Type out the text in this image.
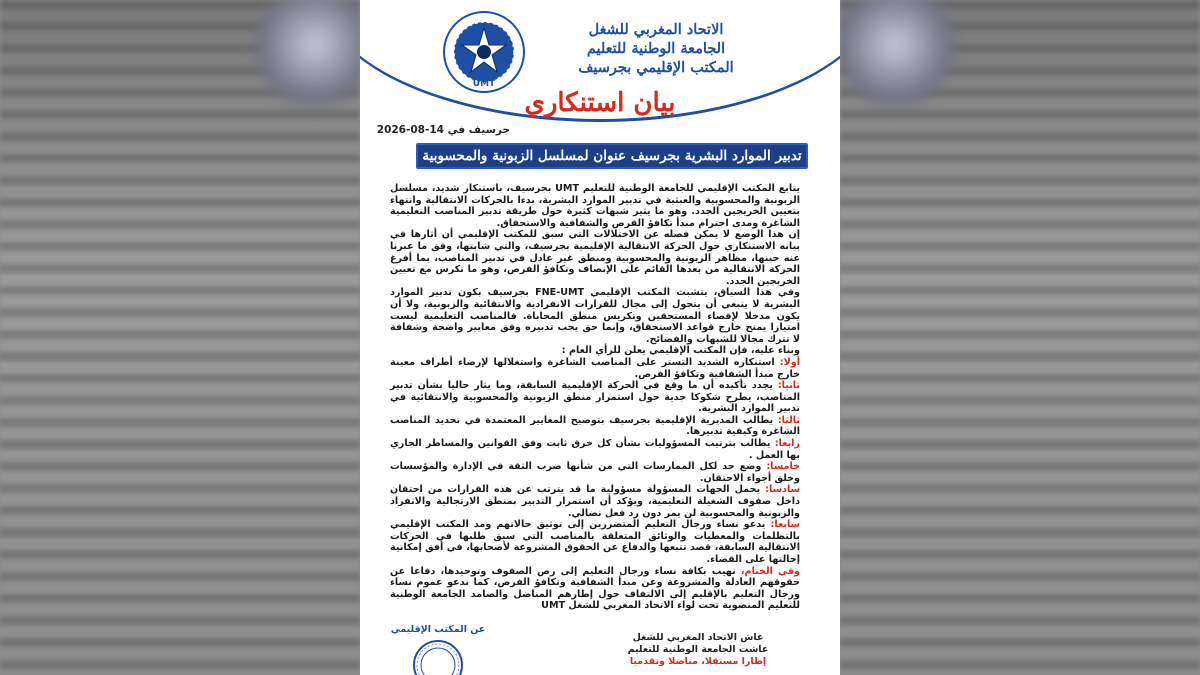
الاتحاد المغربي للشغل
الجامعة الوطنية للتعليم
المكتب الإقليمي بجرسيف
UMT
بيان استنكاري
جرسيف في 14-08-2026
تدبير الموارد البشرية بجرسيف عنوان لمسلسل الزبونية والمحسوبية

يتابع المكتب الإقليمي للجامعة الوطنية للتعليم UMT بجرسيف، باستنكار شديد، مسلسل الزبونية والمحسوبية والعبثية في تدبير الموارد البشرية، بدءا بالحركات الانتقالية وانتهاء بتعيين الخريجين الجدد. وهو ما يثير شبهات كثيرة حول طريقة تدبير المناصب التعليمية الشاغرة ومدى احترام مبدأ تكافؤ الفرص والشفافية والاستحقاق.

إن هذا الوضع لا يمكن فصله عن الاختلالات التي سبق للمكتب الإقليمي أن أثارها في بيانه الاستنكاري حول الحركة الانتقالية الإقليمية بجرسيف، والتي شابتها، وفق ما عبرنا عنه حينها، مظاهر الزبونية والمحسوبية ومنطق غير عادل في تدبير المناصب، بما أفرغ الحركة الانتقالية من بعدها القائم على الإنصاف وتكافؤ الفرص، وهو ما تكرس مع تعيين الخريجين الجدد.

وفي هذا السياق، يتشبث المكتب الإقليمي FNE-UMT بجرسيف بكون تدبير الموارد البشرية لا ينبغي أن يتحول إلى مجال للقرارات الانفرادية والانتقائية والزبونية، ولا أن يكون مدخلا لإقصاء المستحقين وتكريس منطق المحاباة. فالمناصب التعليمية ليست امتيازا يمنح خارج قواعد الاستحقاق، وإنما حق يجب تدبيره وفق معايير واضحة وشفافة لا تترك مجالا للشبهات والفضائح.

وبناء عليه، فإن المكتب الإقليمي يعلن للرأي العام :

أولا: استنكاره الشديد التستر على المناصب الشاغرة واستغلالها لإرضاء أطراف معينة خارج مبدأ الشفافية وتكافؤ الفرص.

ثانيا: يجدد تأكيده أن ما وقع في الحركة الإقليمية السابقة، وما يثار حاليا بشأن تدبير المناصب، يطرح شكوكا جدية حول استمرار منطق الزبونية والمحسوبية والانتقائية في تدبير الموارد البشرية.

ثالثا: يطالب المديرية الإقليمية بجرسيف بتوضيح المعايير المعتمدة في تحديد المناصب الشاغرة وكيفية تدبيرها.

رابعا: يطالب بترتيب المسؤوليات بشأن كل خرق ثابت وفق القوانين والمساطر الجاري بها العمل .

خامسا: وضع حد لكل الممارسات التي من شأنها ضرب الثقة في الإدارة والمؤسسات وخلق أجواء الاحتقان.

سادسا: يحمل الجهات المسؤولة مسؤولية ما قد يترتب عن هذه القرارات من احتقان داخل صفوف الشغيلة التعليمية، ويؤكد أن استمرار التدبير بمنطق الارتجالية والانفراد والزبونية والمحسوبية لن يمر دون رد فعل نضالي.

سابعا: يدعو نساء ورجال التعليم المتضررين إلى توثيق حالاتهم ومد المكتب الإقليمي بالتظلمات والمعطيات والوثائق المتعلقة بالمناصب التي سبق طلبها في الحركات الانتقالية السابقة، قصد تتبعها والدفاع عن الحقوق المشروعة لأصحابها، في أفق إمكانية إحالتها على القضاء.

وفي الختام، نهيب بكافة نساء ورجال التعليم إلى رص الصفوف وتوحيدها، دفاعا عن حقوقهم العادلة والمشروعة وعن مبدأ الشفافية وتكافؤ الفرص، كما ندعو عموم نساء ورجال التعليم بالإقليم إلى الالتفاف حول إطارهم المناضل والصامد الجامعة الوطنية للتعليم المنضوية تحت لواء الاتحاد المغربي للشغل UMT

عاش الاتحاد المغربي للشغل
عاشت الجامعة الوطنية للتعليم
إطارا مستقلا، مناضلا وتقدميا
عن المكتب الإقليمي
